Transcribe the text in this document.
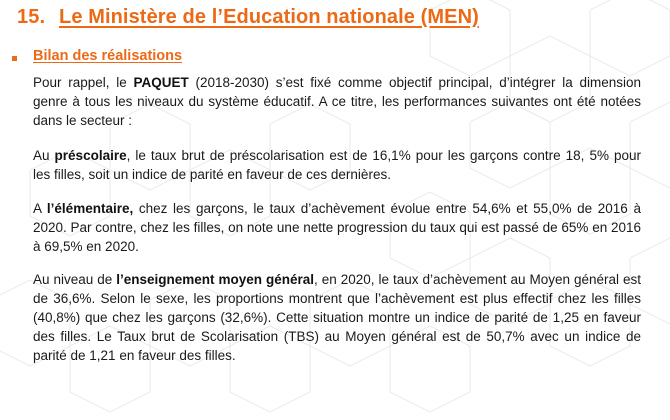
15. Le Ministère de l’Education nationale (MEN)
Bilan des réalisations

Pour rappel, le PAQUET (2018-2030) s’est fixé comme objectif principal, d’intégrer la dimension genre à tous les niveaux du système éducatif. A ce titre, les performances suivantes ont été notées dans le secteur :

Au préscolaire, le taux brut de préscolarisation est de 16,1% pour les garçons contre 18, 5% pour les filles, soit un indice de parité en faveur de ces dernières.

A l’élémentaire, chez les garçons, le taux d’achèvement évolue entre 54,6% et 55,0% de 2016 à 2020. Par contre, chez les filles, on note une nette progression du taux qui est passé de 65% en 2016 à 69,5% en 2020.

Au niveau de l’enseignement moyen général, en 2020, le taux d’achèvement au Moyen général est de 36,6%. Selon le sexe, les proportions montrent que l’achèvement est plus effectif chez les filles (40,8%) que chez les garçons (32,6%). Cette situation montre un indice de parité de 1,25 en faveur des filles. Le Taux brut de Scolarisation (TBS) au Moyen général est de 50,7% avec un indice de parité de 1,21 en faveur des filles.
